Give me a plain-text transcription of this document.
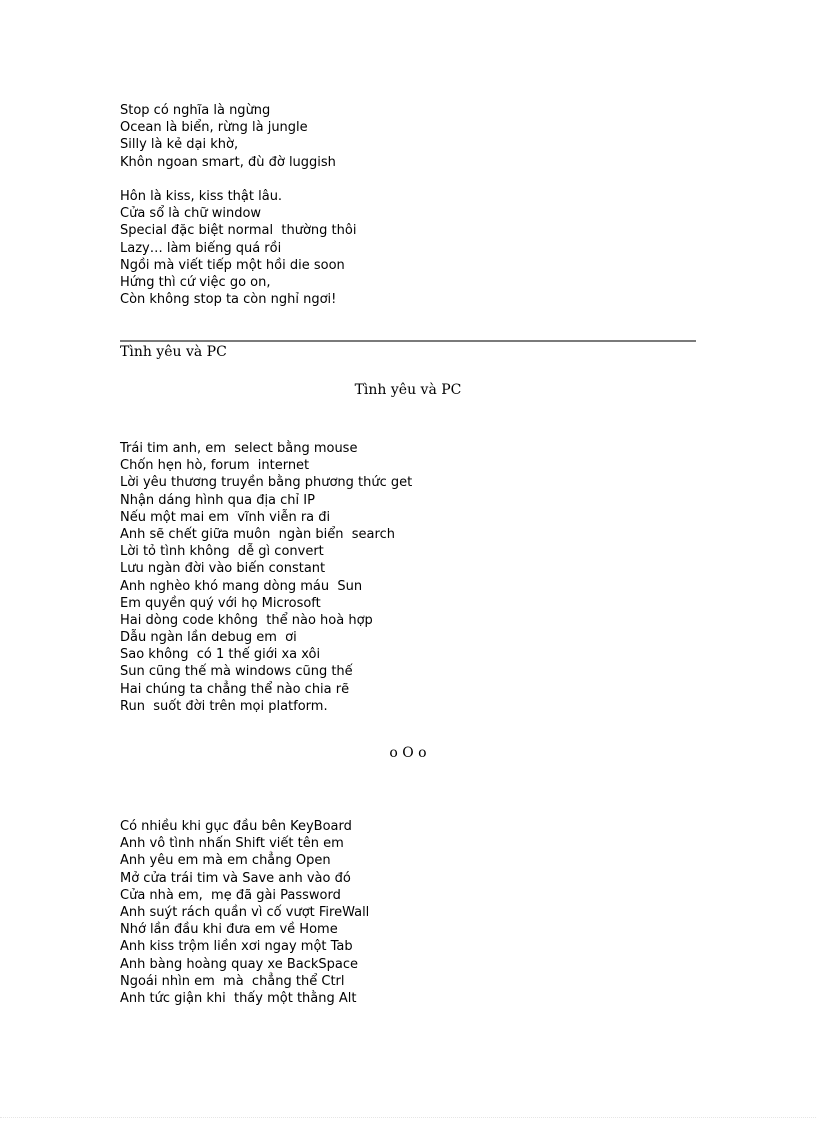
Stop có nghĩa là ngừng
Ocean là biển, rừng là jungle
Silly là kẻ dại khờ,
Khôn ngoan smart, đù đờ luggish
Hôn là kiss, kiss thật lâu.
Cửa sổ là chữ window
Special đặc biệt normal  thường thôi
Lazy… làm biếng quá rồi
Ngồi mà viết tiếp một hồi die soon
Hứng thì cứ việc go on,
Còn không stop ta còn nghỉ ngơi!
Tình yêu và PC
Tình yêu và PC
Trái tim anh, em  select bằng mouse
Chốn hẹn hò, forum  internet
Lời yêu thương truyền bằng phương thức get
Nhận dáng hình qua địa chỉ IP
Nếu một mai em  vĩnh viễn ra đi
Anh sẽ chết giữa muôn  ngàn biển  search
Lời tỏ tình không  dễ gì convert
Lưu ngàn đời vào biến constant
Anh nghèo khó mang dòng máu  Sun
Em quyền quý với họ Microsoft
Hai dòng code không  thể nào hoà hợp
Dẫu ngàn lần debug em  ơi
Sao không  có 1 thế giới xa xôi
Sun cũng thế mà windows cũng thế
Hai chúng ta chẳng thể nào chia rẽ
Run  suốt đời trên mọi platform.
o O o
Có nhiều khi gục đầu bên KeyBoard
Anh vô tình nhấn Shift viết tên em
Anh yêu em mà em chẳng Open
Mở cửa trái tim và Save anh vào đó
Cửa nhà em,  mẹ đã gài Password
Anh suýt rách quần vì cố vượt FireWall
Nhớ lần đầu khi đưa em về Home
Anh kiss trộm liền xơi ngay một Tab
Anh bàng hoàng quay xe BackSpace
Ngoái nhìn em  mà  chẳng thể Ctrl
Anh tức giận khi  thấy một thằng Alt
